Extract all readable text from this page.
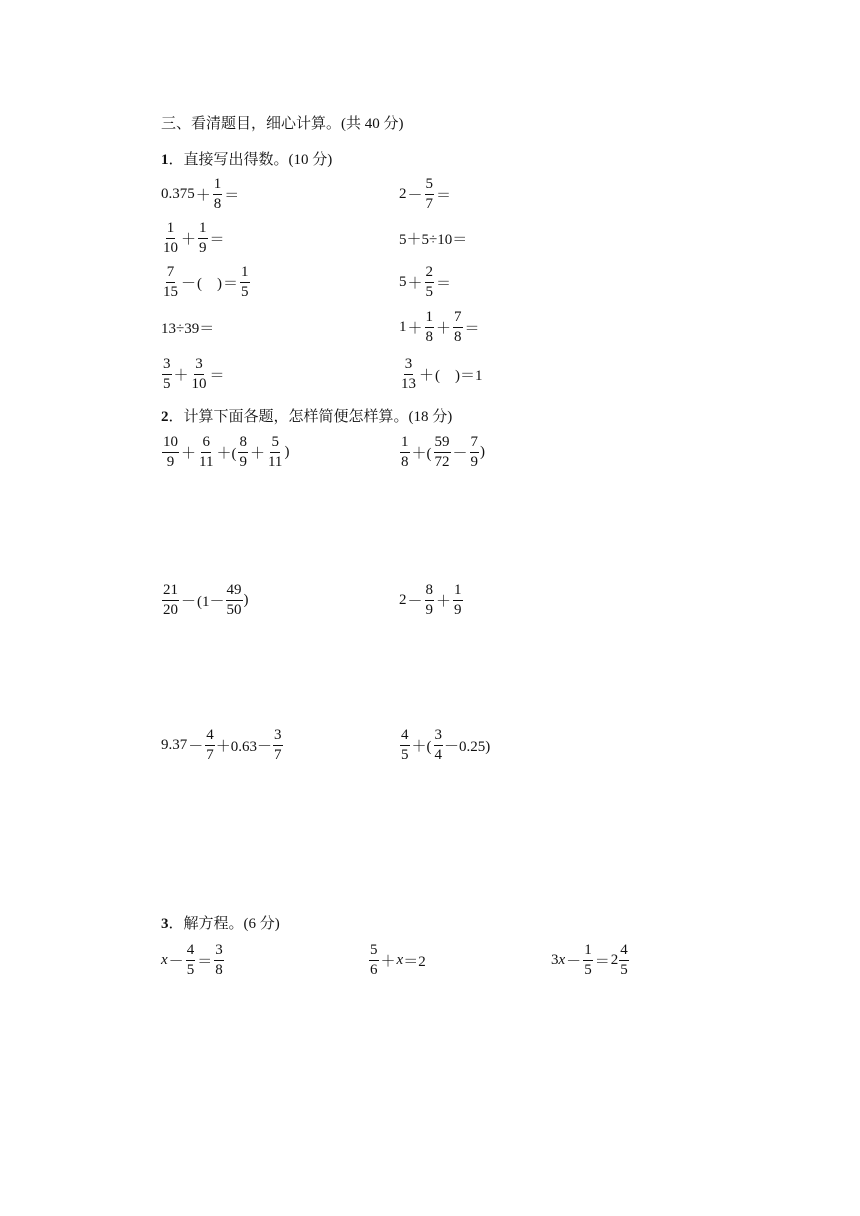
三、看清题目，细心计算。(共 40 分)
1．直接写出得数。(10 分)
$0.375 + \frac{1}{8}$ ＝	$2 - \frac{5}{7}$ ＝
$\frac{1}{10} + \frac{1}{9}$ ＝	5＋5÷10＝
$\frac{7}{15}$ － (　) ＝ $\frac{1}{5}$	$5 + \frac{2}{5}$ ＝
13÷39＝	$1 + \frac{1}{8} + \frac{7}{8}$ ＝
$\frac{3}{5} + \frac{3}{10}$ ＝	$\frac{3}{13}$ ＋ (　) ＝1
2．计算下面各题，怎样简便怎样算。(18 分)
$\frac{10}{9} + \frac{6}{11}$ ＋( $\frac{8}{9} + \frac{5}{11}$ )	$\frac{1}{8}$ ＋( $\frac{59}{72} - \frac{7}{9}$ )
$\frac{21}{20} - (1- \frac{49}{50}$ )	$2 - \frac{8}{9} + \frac{1}{9}$
$9.37 - \frac{4}{7} +0.63- \frac{3}{7}$	$\frac{4}{5}$ ＋( $\frac{3}{4} -0.25$)
3．解方程。(6 分)
$x - \frac{4}{5} = \frac{3}{8}$	$\frac{5}{6} + x =2$	3 $x - \frac{1}{5} = 2 \frac{4}{5}$
